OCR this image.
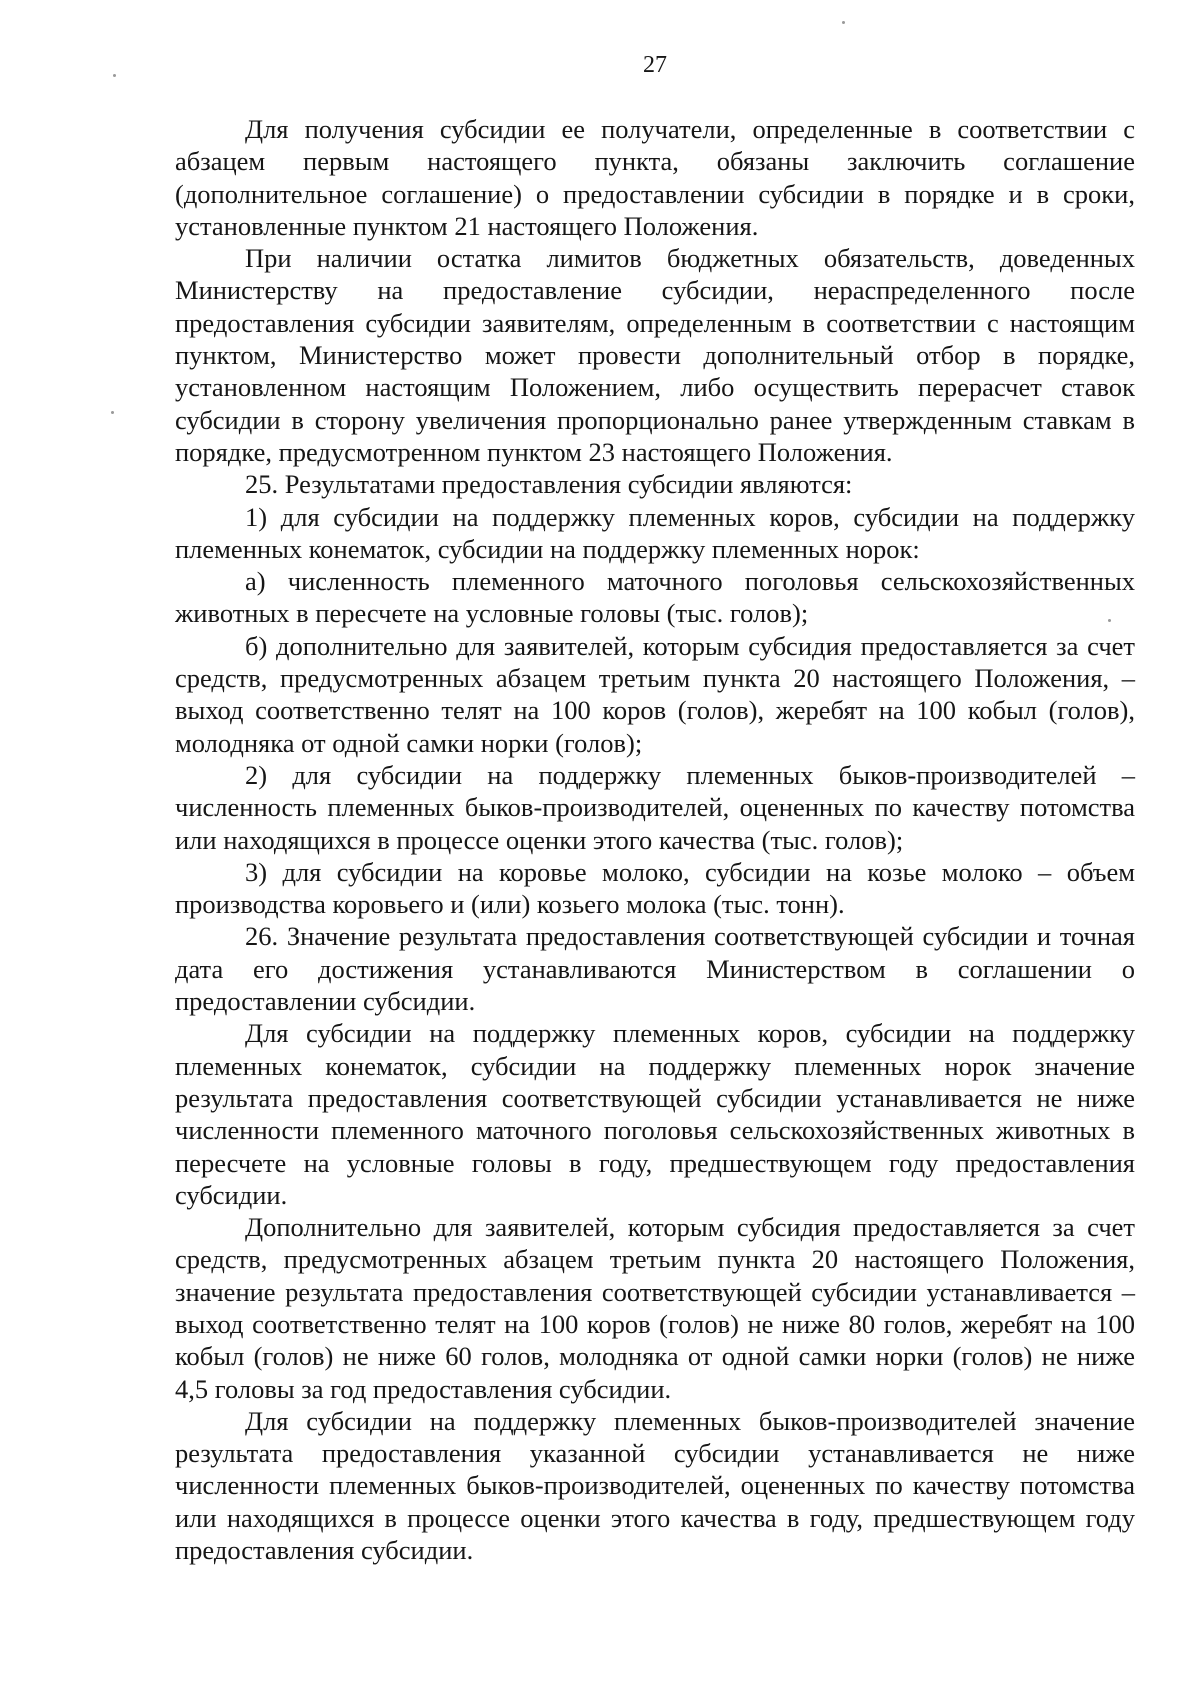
27

Для получения субсидии ее получатели, определенные в соответствии с абзацем первым настоящего пункта, обязаны заключить соглашение (дополнительное соглашение) о предоставлении субсидии в порядке и в сроки, установленные пунктом 21 настоящего Положения.

При наличии остатка лимитов бюджетных обязательств, доведенных Министерству на предоставление субсидии, нераспределенного после предоставления субсидии заявителям, определенным в соответствии с настоящим пунктом, Министерство может провести дополнительный отбор в порядке, установленном настоящим Положением, либо осуществить перерасчет ставок субсидии в сторону увеличения пропорционально ранее утвержденным ставкам в порядке, предусмотренном пунктом 23 настоящего Положения.

25. Результатами предоставления субсидии являются:

1) для субсидии на поддержку племенных коров, субсидии на поддержку племенных конематок, субсидии на поддержку племенных норок:

а) численность племенного маточного поголовья сельскохозяйственных животных в пересчете на условные головы (тыс. голов);

б) дополнительно для заявителей, которым субсидия предоставляется за счет средств, предусмотренных абзацем третьим пункта 20 настоящего Положения, – выход соответственно телят на 100 коров (голов), жеребят на 100 кобыл (голов), молодняка от одной самки норки (голов);

2) для субсидии на поддержку племенных быков-производителей – численность племенных быков-производителей, оцененных по качеству потомства или находящихся в процессе оценки этого качества (тыс. голов);

3) для субсидии на коровье молоко, субсидии на козье молоко – объем производства коровьего и (или) козьего молока (тыс. тонн).

26. Значение результата предоставления соответствующей субсидии и точная дата его достижения устанавливаются Министерством в соглашении о предоставлении субсидии.

Для субсидии на поддержку племенных коров, субсидии на поддержку племенных конематок, субсидии на поддержку племенных норок значение результата предоставления соответствующей субсидии устанавливается не ниже численности племенного маточного поголовья сельскохозяйственных животных в пересчете на условные головы в году, предшествующем году предоставления субсидии.

Дополнительно для заявителей, которым субсидия предоставляется за счет средств, предусмотренных абзацем третьим пункта 20 настоящего Положения, значение результата предоставления соответствующей субсидии устанавливается – выход соответственно телят на 100 коров (голов) не ниже 80 голов, жеребят на 100 кобыл (голов) не ниже 60 голов, молодняка от одной самки норки (голов) не ниже 4,5 головы за год предоставления субсидии.

Для субсидии на поддержку племенных быков-производителей значение результата предоставления указанной субсидии устанавливается не ниже численности племенных быков-производителей, оцененных по качеству потомства или находящихся в процессе оценки этого качества в году, предшествующем году предоставления субсидии.
